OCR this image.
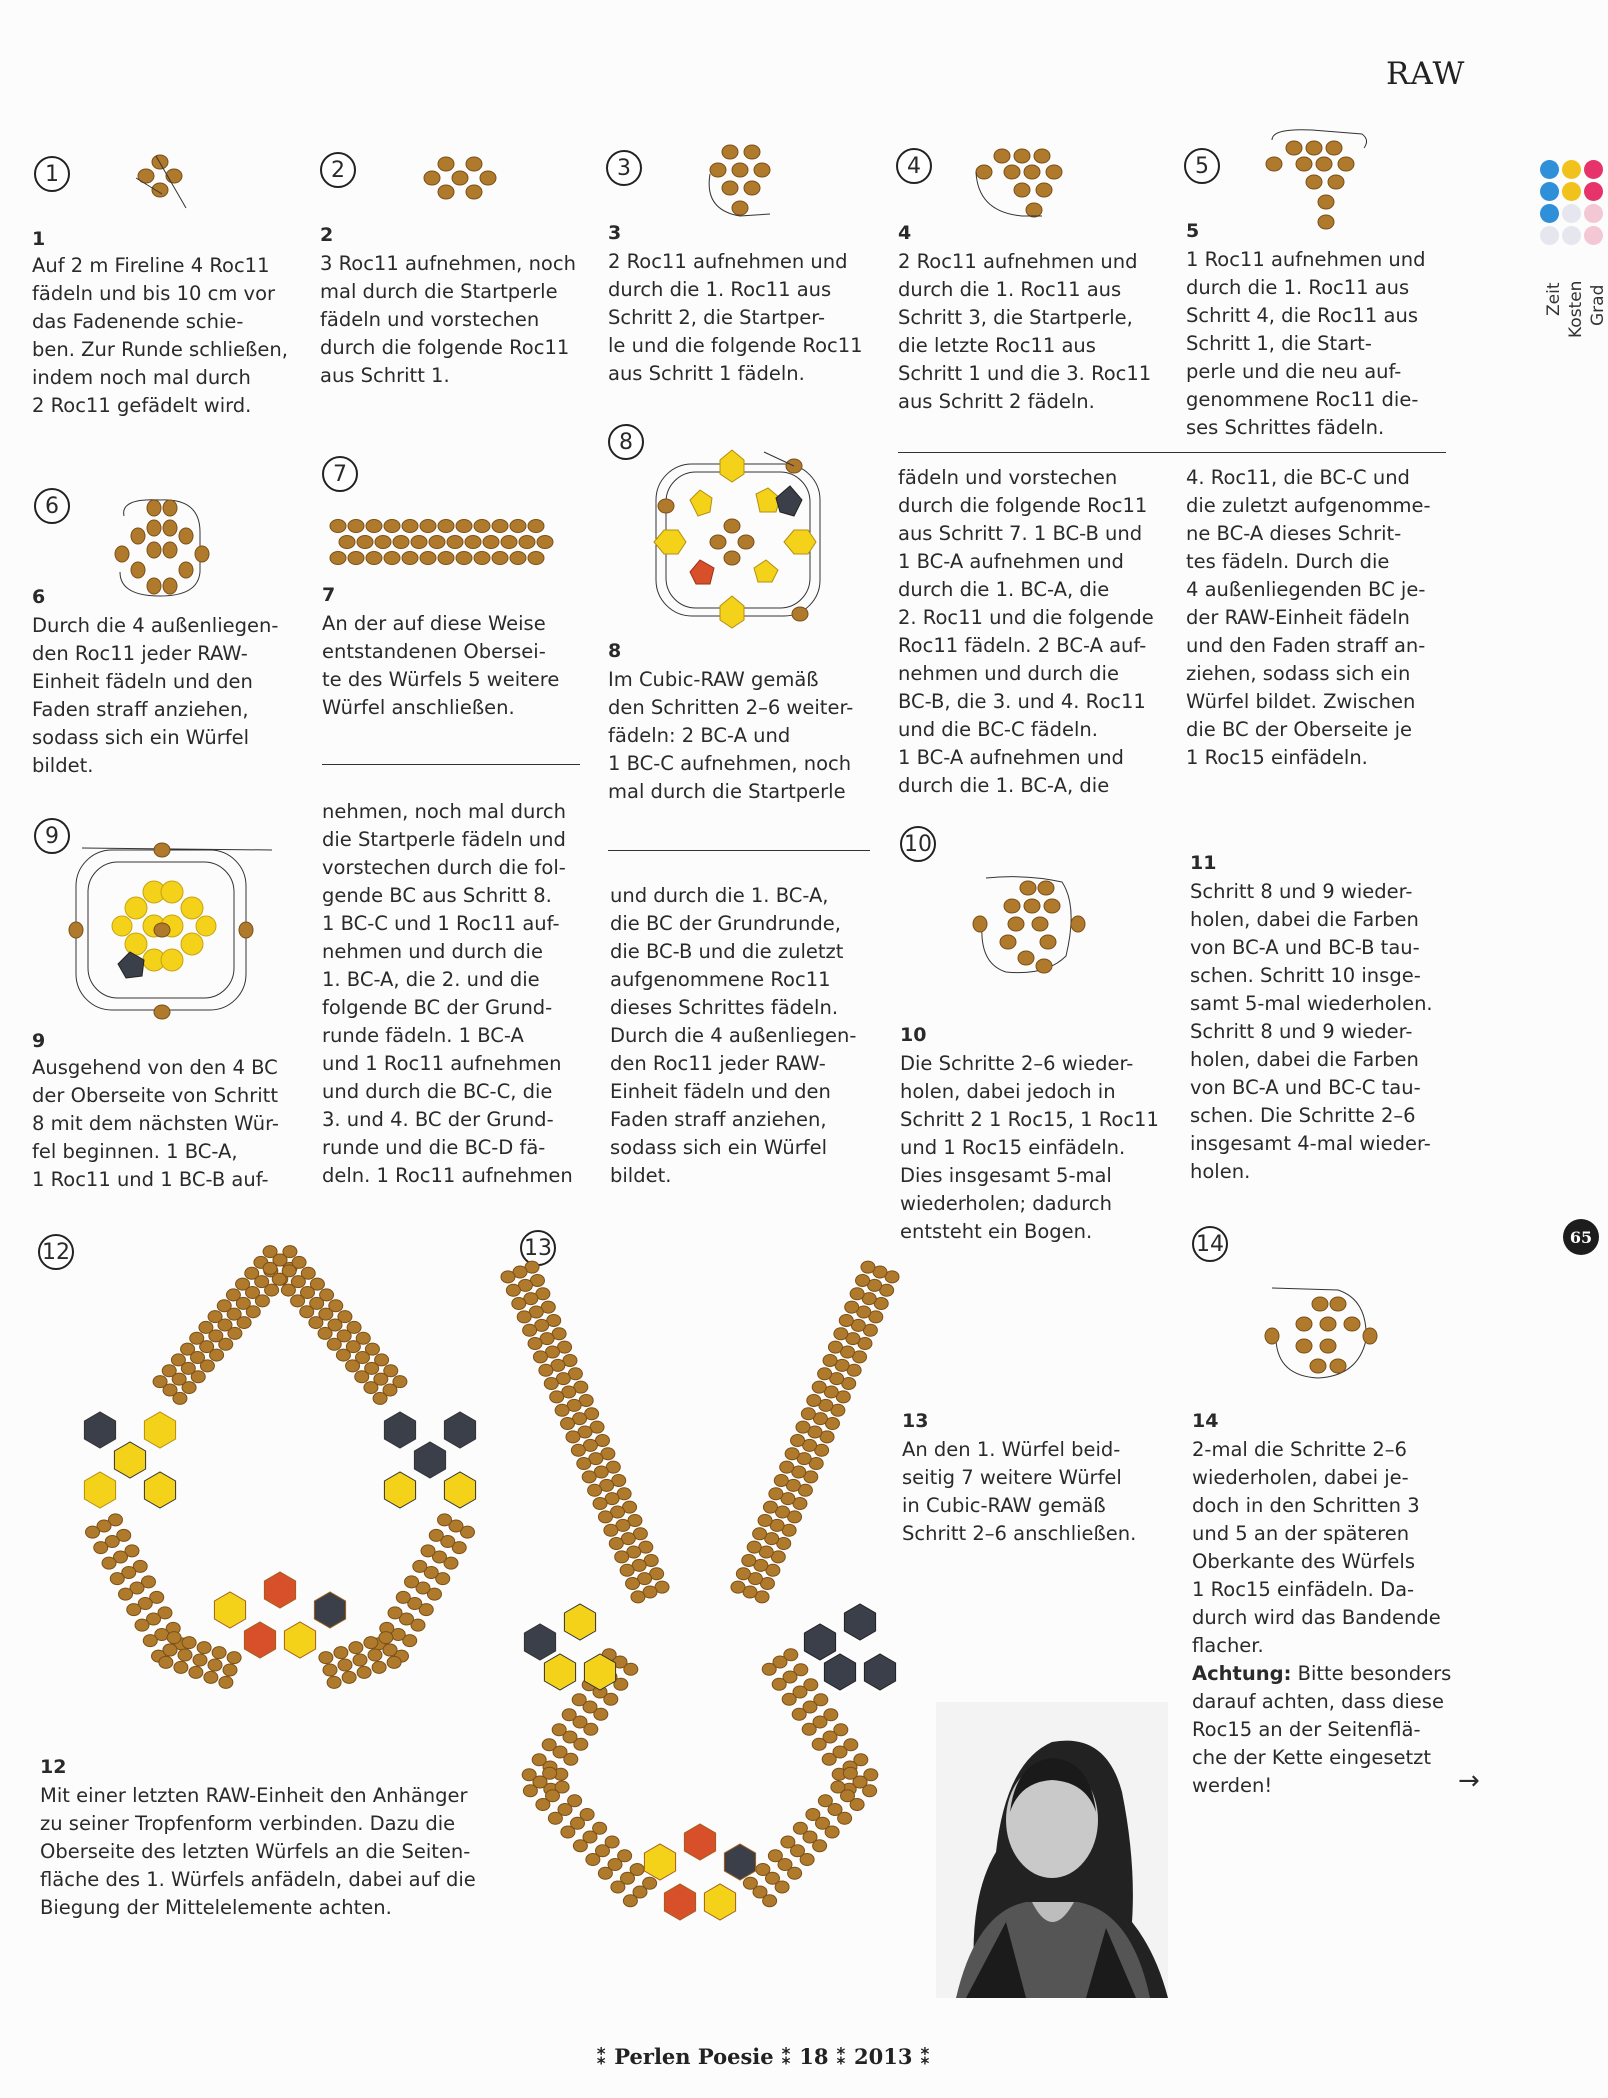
RAW
Zeit Kosten Grad
65
1
1
Auf 2 m Fireline 4 Roc11
fädeln und bis 10 cm vor
das Fadenende schie-
ben. Zur Runde schließen,
indem noch mal durch
2 Roc11 gefädelt wird.
2
2
3 Roc11 aufnehmen, noch
mal durch die Startperle
fädeln und vorstechen
durch die folgende Roc11
aus Schritt 1.
3
3
2 Roc11 aufnehmen und
durch die 1. Roc11 aus
Schritt 2, die Startper-
le und die folgende Roc11
aus Schritt 1 fädeln.
4
4
2 Roc11 aufnehmen und
durch die 1. Roc11 aus
Schritt 3, die Startperle,
die letzte Roc11 aus
Schritt 1 und die 3. Roc11
aus Schritt 2 fädeln.
5
5
1 Roc11 aufnehmen und
durch die 1. Roc11 aus
Schritt 4, die Roc11 aus
Schritt 1, die Start-
perle und die neu auf-
genommene Roc11 die-
ses Schrittes fädeln.
6
6
Durch die 4 außenliegen-
den Roc11 jeder RAW-
Einheit fädeln und den
Faden straff anziehen,
sodass sich ein Würfel
bildet.
7
7
An der auf diese Weise
entstandenen Obersei-
te des Würfels 5 weitere
Würfel anschließen.
8
8
Im Cubic-RAW gemäß
den Schritten 2–6 weiter-
fädeln: 2 BC-A und
1 BC-C aufnehmen, noch
mal durch die Startperle
fädeln und vorstechen
durch die folgende Roc11
aus Schritt 7. 1 BC-B und
1 BC-A aufnehmen und
durch die 1. BC-A, die
2. Roc11 und die folgende
Roc11 fädeln. 2 BC-A auf-
nehmen und durch die
BC-B, die 3. und 4. Roc11
und die BC-C fädeln.
1 BC-A aufnehmen und
durch die 1. BC-A, die
4. Roc11, die BC-C und
die zuletzt aufgenomme-
ne BC-A dieses Schrit-
tes fädeln. Durch die
4 außenliegenden BC je-
der RAW-Einheit fädeln
und den Faden straff an-
ziehen, sodass sich ein
Würfel bildet. Zwischen
die BC der Oberseite je
1 Roc15 einfädeln.
9
9
Ausgehend von den 4 BC
der Oberseite von Schritt
8 mit dem nächsten Wür-
fel beginnen. 1 BC-A,
1 Roc11 und 1 BC-B auf-
nehmen, noch mal durch
die Startperle fädeln und
vorstechen durch die fol-
gende BC aus Schritt 8.
1 BC-C und 1 Roc11 auf-
nehmen und durch die
1. BC-A, die 2. und die
folgende BC der Grund-
runde fädeln. 1 BC-A
und 1 Roc11 aufnehmen
und durch die BC-C, die
3. und 4. BC der Grund-
runde und die BC-D fä-
deln. 1 Roc11 aufnehmen
und durch die 1. BC-A,
die BC der Grundrunde,
die BC-B und die zuletzt
aufgenommene Roc11
dieses Schrittes fädeln.
Durch die 4 außenliegen-
den Roc11 jeder RAW-
Einheit fädeln und den
Faden straff anziehen,
sodass sich ein Würfel
bildet.
10
10
Die Schritte 2–6 wieder-
holen, dabei jedoch in
Schritt 2 1 Roc15, 1 Roc11
und 1 Roc15 einfädeln.
Dies insgesamt 5-mal
wiederholen; dadurch
entsteht ein Bogen.
11
Schritt 8 und 9 wieder-
holen, dabei die Farben
von BC-A und BC-B tau-
schen. Schritt 10 insge-
samt 5-mal wiederholen.
Schritt 8 und 9 wieder-
holen, dabei die Farben
von BC-A und BC-C tau-
schen. Die Schritte 2–6
insgesamt 4-mal wieder-
holen.
12
12
Mit einer letzten RAW-Einheit den Anhänger
zu seiner Tropfenform verbinden. Dazu die
Oberseite des letzten Würfels an die Seiten-
fläche des 1. Würfels anfädeln, dabei auf die
Biegung der Mittelelemente achten.
13
13
An den 1. Würfel beid-
seitig 7 weitere Würfel
in Cubic-RAW gemäß
Schritt 2–6 anschließen.
14
14
2-mal die Schritte 2–6
wiederholen, dabei je-
doch in den Schritten 3
und 5 an der späteren
Oberkante des Würfels
1 Roc15 einfädeln. Da-
durch wird das Bandende
flacher.
Achtung: Bitte besonders
darauf achten, dass diese
Roc15 an der Seitenflä-
che der Kette eingesetzt
werden!	→
⁑ Perlen Poesie ⁑ 18 ⁑ 2013 ⁑
